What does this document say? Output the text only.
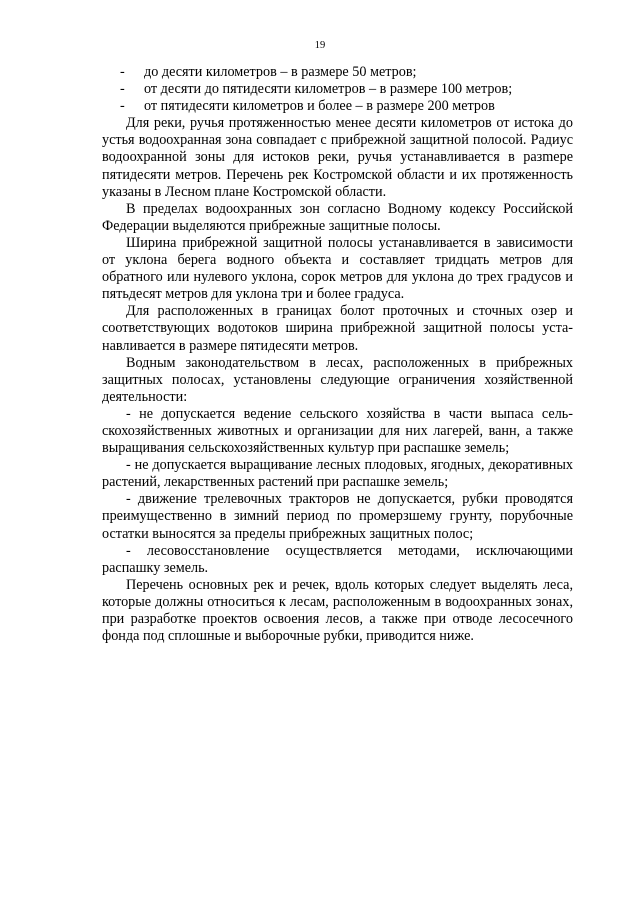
19
-	до десяти километров – в размере 50 метров;
-	от десяти до пятидесяти километров – в размере 100 метров;
-	от пятидесяти километров и более – в размере 200 метров

Для реки, ручья протяженностью менее десяти километров от истока до устья водоохранная зона совпадает с прибрежной защитной полосой. Радиус водоохранной зоны для истоков реки, ручья устанавливается в разmере пятидесяти метров. Перечень рек Костромской области и их протяженность указаны в Лесном плане Костромской области.

В пределах водоохранных зон согласно Водному кодексу Российской Федерации выделяются прибрежные защитные полосы.

Ширина прибрежной защитной полосы устанавливается в зависимости от уклона берега водного объекта и составляет тридцать метров для обратного или нулевого уклона, сорок метров для уклона до трех градусов и пятьдесят метров для уклона три и более градуса.

Для расположенных в границах болот проточных и сточных озер и соответствующих водотоков ширина прибрежной защитной полосы устанавливается в размере пятидесяти метров.

Водным законодательством в лесах, расположенных в прибрежных защитных полосах, установлены следующие ограничения хозяйственной деятельности:

- не допускается ведение сельского хозяйства в части выпаса сельскохозяйственных животных и организации для них лагерей, ванн, а также выращивания сельскохозяйственных культур при распашке земель;

- не допускается выращивание лесных плодовых, ягодных, декоративных растений, лекарственных растений при распашке земель;

- движение трелевочных тракторов не допускается, рубки проводятся преимущественно в зимний период по промерзшему грунту, порубочные остатки выносятся за пределы прибрежных защитных полос;

- лесовосстановление осуществляется методами, исключающими распашку земель.

Перечень основных рек и речек, вдоль которых следует выделять леса, которые должны относиться к лесам, расположенным в водоохранных зонах, при разработке проектов освоения лесов, а также при отводе лесосечного фонда под сплошные и выборочные рубки, приводится ниже.
